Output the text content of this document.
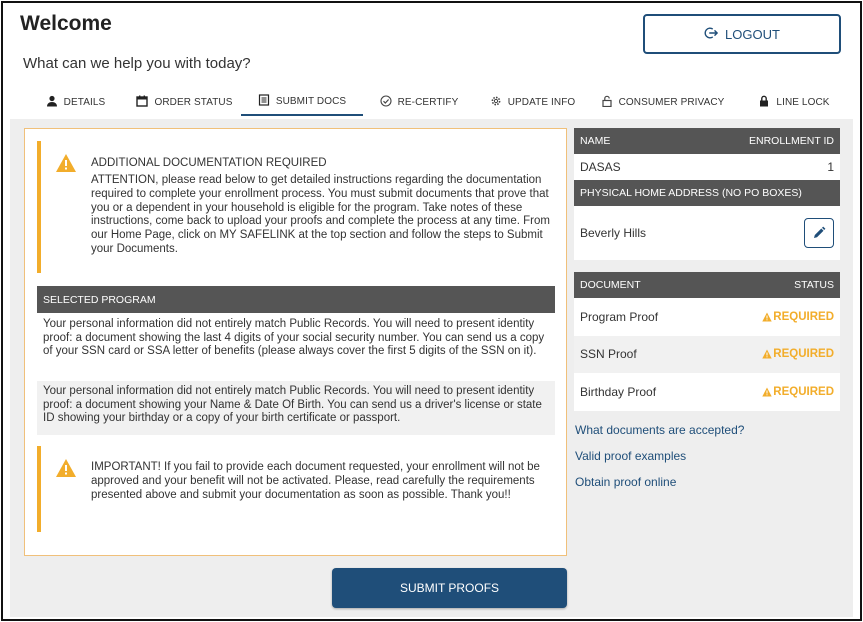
Welcome
What can we help you with today?
LOGOUT
DETAILS	ORDER STATUS	SUBMIT DOCS	RE-CERTIFY	UPDATE INFO	CONSUMER PRIVACY	LINE LOCK
ADDITIONAL DOCUMENTATION REQUIRED
ATTENTION, please read below to get detailed instructions regarding the documentation required to complete your enrollment process. You must submit documents that prove that you or a dependent in your household is eligible for the program. Take notes of these instructions, come back to upload your proofs and complete the process at any time. From our Home Page, click on MY SAFELINK at the top section and follow the steps to Submit your Documents.
SELECTED PROGRAM
Your personal information did not entirely match Public Records. You will need to present identity proof: a document showing the last 4 digits of your social security number. You can send us a copy of your SSN card or SSA letter of benefits (please always cover the first 5 digits of the SSN on it).
Your personal information did not entirely match Public Records. You will need to present identity proof: a document showing your Name & Date Of Birth. You can send us a driver's license or state ID showing your birthday or a copy of your birth certificate or passport.
IMPORTANT! If you fail to provide each document requested, your enrollment will not be approved and your benefit will not be activated. Please, read carefully the requirements presented above and submit your documentation as soon as possible. Thank you!!
NAME	ENROLLMENT ID
DASAS	1
PHYSICAL HOME ADDRESS (NO PO BOXES)
Beverly Hills
DOCUMENT	STATUS
Program Proof	REQUIRED
SSN Proof	REQUIRED
Birthday Proof	REQUIRED
What documents are accepted?
Valid proof examples
Obtain proof online
SUBMIT PROOFS
